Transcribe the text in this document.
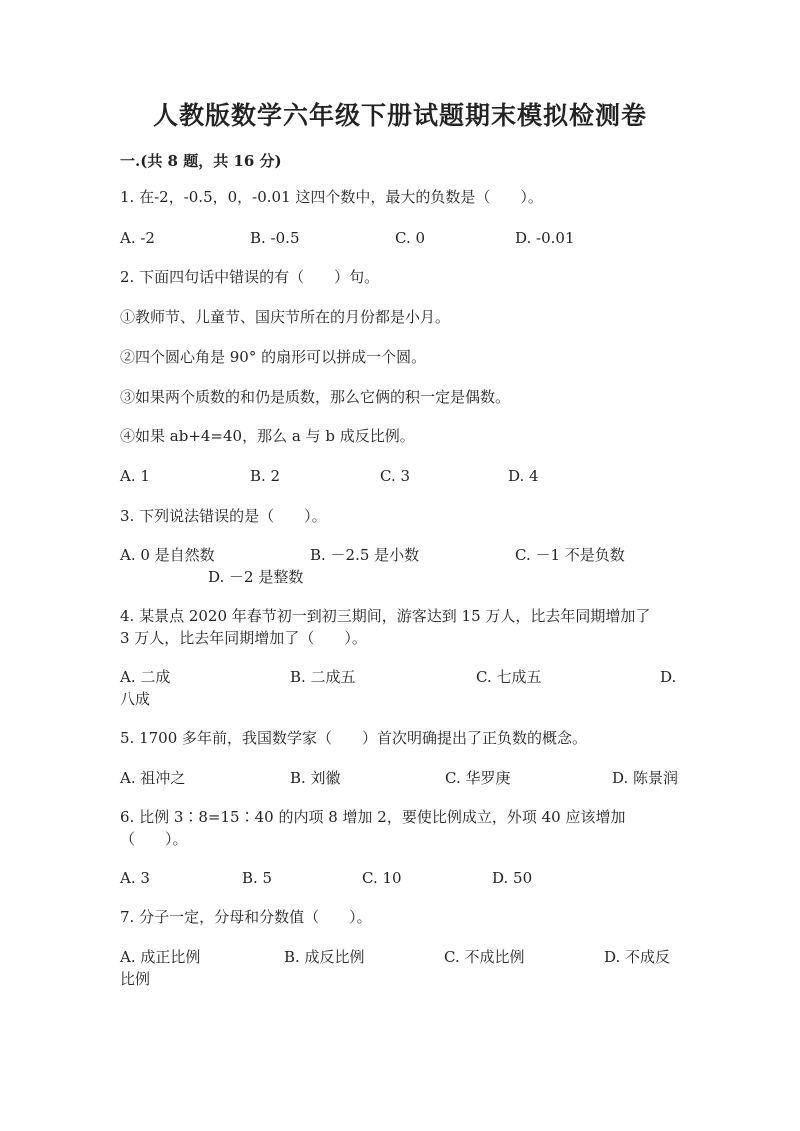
人教版数学六年级下册试题期末模拟检测卷
一.(共 8 题，共 16 分)
1. 在-2，-0.5，0，-0.01 这四个数中，最大的负数是（　　）。
A. -2	B. -0.5	C. 0	D. -0.01
2. 下面四句话中错误的有（　　）句。
①教师节、儿童节、国庆节所在的月份都是小月。
②四个圆心角是 90° 的扇形可以拼成一个圆。
③如果两个质数的和仍是质数，那么它俩的积一定是偶数。
④如果 ab+4=40，那么 a 与 b 成反比例。
A. 1	B. 2	C. 3	D. 4
3. 下列说法错误的是（　　）。
A. 0 是自然数	B. －2.5 是小数	C. －1 不是负数
D. －2 是整数
4. 某景点 2020 年春节初一到初三期间，游客达到 15 万人，比去年同期增加了
3 万人，比去年同期增加了（　　）。
A. 二成	B. 二成五	C. 七成五	D.
八成
5. 1700 多年前，我国数学家（　　）首次明确提出了正负数的概念。
A. 祖冲之	B. 刘徽	C. 华罗庚	D. 陈景润
6. 比例 3∶8=15∶40 的内项 8 增加 2，要使比例成立，外项 40 应该增加
（　　）。
A. 3	B. 5	C. 10	D. 50
7. 分子一定，分母和分数值（　　）。
A. 成正比例	B. 成反比例	C. 不成比例	D. 不成反
比例
